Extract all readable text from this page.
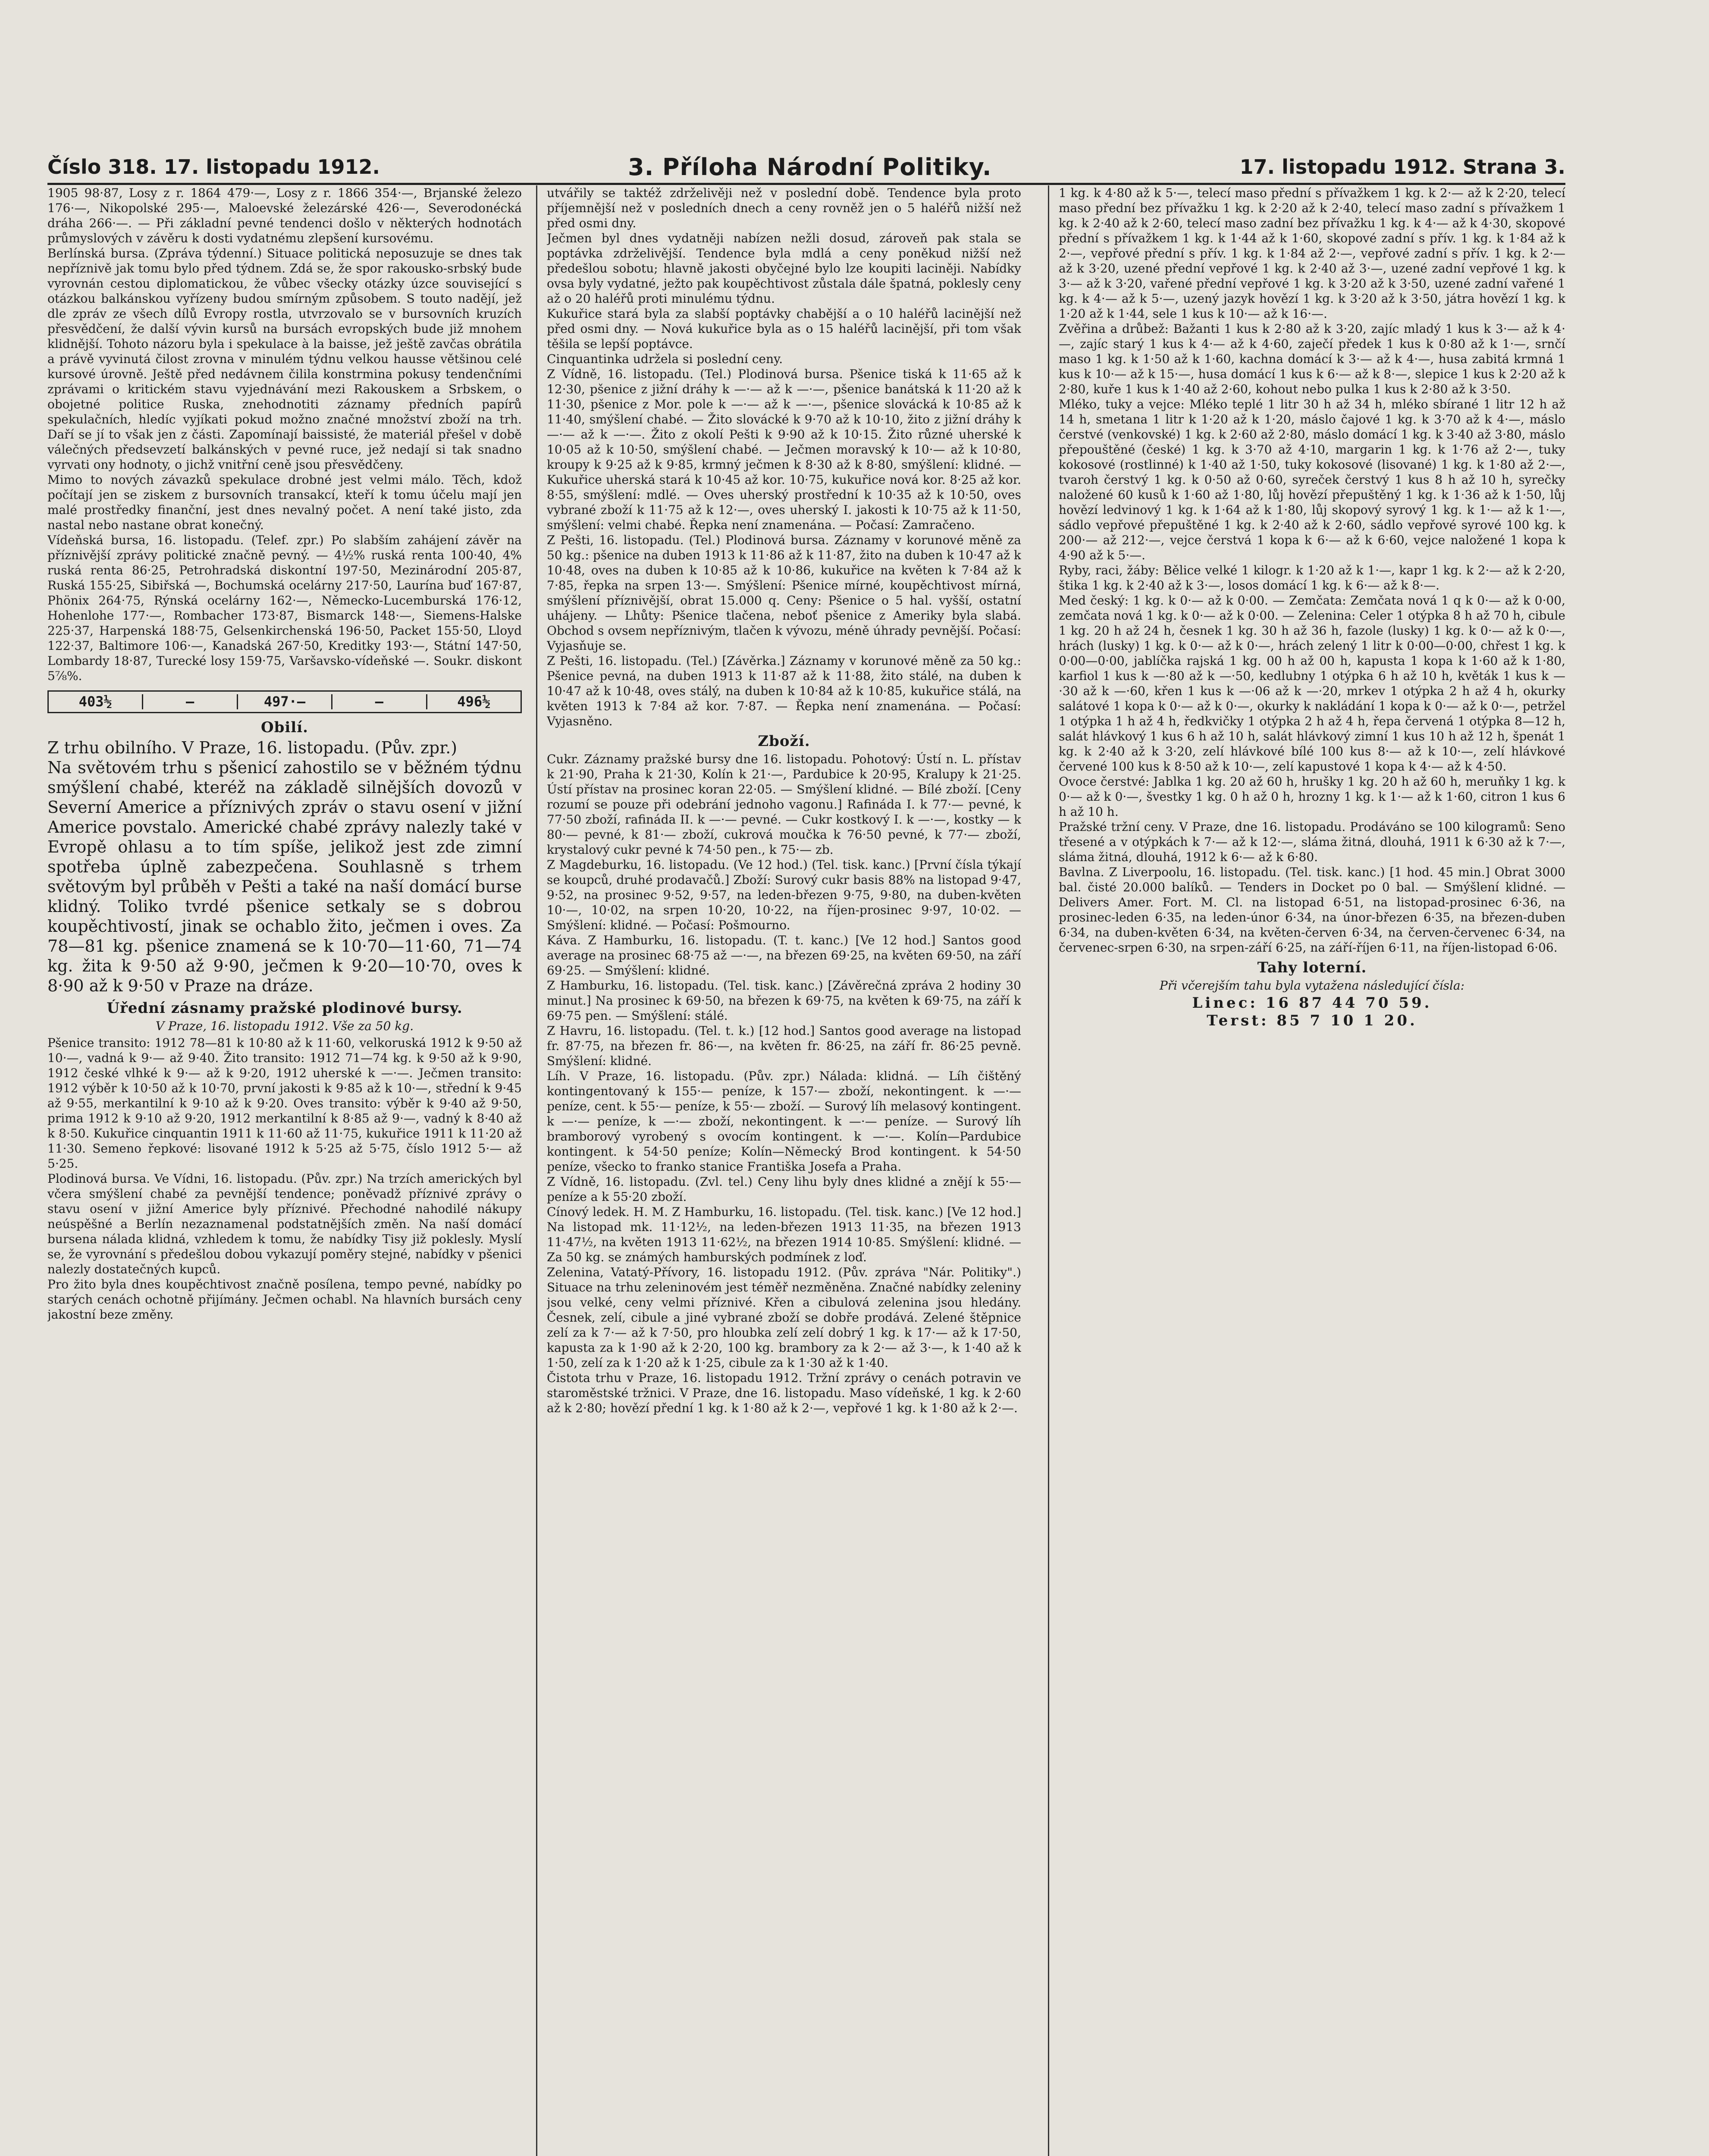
Číslo 318. 17. listopadu 1912.	3. Příloha Národní Politiky.	17. listopadu 1912. Strana 3.

1905 98·87, Losy z r. 1864 479·—, Losy z r. 1866 354·—, Brjanské železo 176·—, Nikopolské 295·—, Maloevské železárské 426·—, Severodonécká dráha 266·—. — Při základní pevné tendenci došlo v některých hodnotách průmyslových v závěru k dosti vydatnému zlepšení kursovému.

Berlínská bursa. (Zpráva týdenní.) Situace politická neposuzuje se dnes tak nepříznivě jak tomu bylo před týdnem. Zdá se, že spor rakousko-srbský bude vyrovnán cestou diplomatickou, že vůbec všecky otázky úzce související s otázkou balkánskou vyřízeny budou smírným způsobem. S touto nadějí, jež dle zpráv ze všech dílů Evropy rostla, utvrzovalo se v bursovních kruzích přesvědčení, že další vývin kursů na bursách evropských bude již mnohem klidnější. Tohoto názoru byla i spekulace à la baisse, jež ještě zavčas obrátila a právě vyvinutá čilost zrovna v minulém týdnu velkou hausse většinou celé kursové úrovně. Ještě před nedávnem čilila konstrmina pokusy tendenčními zprávami o kritickém stavu vyjednávání mezi Rakouskem a Srbskem, o obojetné politice Ruska, znehodnotiti záznamy předních papírů spekulačních, hledíc vyjíkati pokud možno značné množství zboží na trh. Daří se jí to však jen z části. Zapomínají baissisté, že materiál přešel v době válečných předsevzetí balkánských v pevné ruce, jež nedají si tak snadno vyrvati ony hodnoty, o jichž vnitřní ceně jsou přesvědčeny.

Mimo to nových závazků spekulace drobné jest velmi málo. Těch, kdož počítají jen se ziskem z bursovních transakcí, kteří k tomu účelu mají jen malé prostředky finanční, jest dnes nevalný počet. A není také jisto, zda nastal nebo nastane obrat konečný.

Vídeňská bursa, 16. listopadu. (Telef. zpr.) Po slabším zahájení závěr na příznivější zprávy politické značně pevný. — 4½% ruská renta 100·40, 4% ruská renta 86·25, Petrohradská diskontní 197·50, Mezinárodní 205·87, Ruská 155·25, Sibiřská —, Bochumská ocelárny 217·50, Laurína buď 167·87, Phönix 264·75, Rýnská ocelárny 162·—, Německo-Lucemburská 176·12, Hohenlohe 177·—, Rombacher 173·87, Bismarck 148·—, Siemens-Halske 225·37, Harpenská 188·75, Gelsenkirchenská 196·50, Packet 155·50, Lloyd 122·37, Baltimore 106·—, Kanadská 267·50, Kreditky 193·—, Státní 147·50, Lombardy 18·87, Turecké losy 159·75, Varšavsko-vídeňské —. Soukr. diskont 5⅞%.

403½	—	497·—	—	496½
Obilí.

Z trhu obilního. V Praze, 16. listopadu. (Pův. zpr.)

Na světovém trhu s pšenicí zahostilo se v běžném týdnu smýšlení chabé, kteréž na základě silnějších dovozů v Severní Americe a příznivých zpráv o stavu osení v jižní Americe povstalo. Americké chabé zprávy nalezly také v Evropě ohlasu a to tím spíše, jelikož jest zde zimní spotřeba úplně zabezpečena. Souhlasně s trhem světovým byl průběh v Pešti a také na naší domácí burse klidný. Toliko tvrdé pšenice setkaly se s dobrou koupěchtivostí, jinak se ochablo žito, ječmen i oves. Za 78—81 kg. pšenice znamená se k 10·70—11·60, 71—74 kg. žita k 9·50 až 9·90, ječmen k 9·20—10·70, oves k 8·90 až k 9·50 v Praze na dráze.

Úřední zásnamy pražské plodinové bursy.
V Praze, 16. listopadu 1912. Vše za 50 kg.

Pšenice transito: 1912 78—81 k 10·80 až k 11·60, velkoruská 1912 k 9·50 až 10·—, vadná k 9·— až 9·40. Žito transito: 1912 71—74 kg. k 9·50 až k 9·90, 1912 české vlhké k 9·— až k 9·20, 1912 uherské k —·—. Ječmen transito: 1912 výběr k 10·50 až k 10·70, první jakosti k 9·85 až k 10·—, střední k 9·45 až 9·55, merkantilní k 9·10 až k 9·20. Oves transito: výběr k 9·40 až 9·50, prima 1912 k 9·10 až 9·20, 1912 merkantilní k 8·85 až 9·—, vadný k 8·40 až k 8·50. Kukuřice cinquantin 1911 k 11·60 až 11·75, kukuřice 1911 k 11·20 až 11·30. Semeno řepkové: lisované 1912 k 5·25 až 5·75, číslo 1912 5·— až 5·25.

Plodinová bursa. Ve Vídni, 16. listopadu. (Pův. zpr.) Na trzích amerických byl včera smýšlení chabé za pevnější tendence; poněvadž příznivé zprávy o stavu osení v jižní Americe byly příznivé. Přechodné nahodilé nákupy neúspěšné a Berlín nezaznamenal podstatnějších změn. Na naší domácí bursena nálada klidná, vzhledem k tomu, že nabídky Tisy již poklesly. Myslí se, že vyrovnání s předešlou dobou vykazují poměry stejné, nabídky v pšenici nalezly dostatečných kupců.

Pro žito byla dnes koupěchtivost značně posílena, tempo pevné, nabídky po starých cenách ochotně přijímány. Ječmen ochabl. Na hlavních bursách ceny jakostní beze změny.

utvářily se taktéž zdrželivěji než v poslední době. Tendence byla proto příjemnější než v posledních dnech a ceny rovněž jen o 5 haléřů nižší než před osmi dny.

Ječmen byl dnes vydatněji nabízen nežli dosud, zároveň pak stala se poptávka zdrželivější. Tendence byla mdlá a ceny poněkud nižší než předešlou sobotu; hlavně jakosti obyčejné bylo lze koupiti laciněji. Nabídky ovsa byly vydatné, ježto pak koupěchtivost zůstala dále špatná, poklesly ceny až o 20 haléřů proti minulému týdnu.

Kukuřice stará byla za slabší poptávky chabější a o 10 haléřů lacinější než před osmi dny. — Nová kukuřice byla as o 15 haléřů lacinější, při tom však těšila se lepší poptávce.

Cinquantinka udržela si poslední ceny.

Z Vídně, 16. listopadu. (Tel.) Plodinová bursa. Pšenice tiská k 11·65 až k 12·30, pšenice z jižní dráhy k —·— až k —·—, pšenice banátská k 11·20 až k 11·30, pšenice z Mor. pole k —·— až k —·—, pšenice slovácká k 10·85 až k 11·40, smýšlení chabé. — Žito slovácké k 9·70 až k 10·10, žito z jižní dráhy k —·— až k —·—. Žito z okolí Pešti k 9·90 až k 10·15. Žito různé uherské k 10·05 až k 10·50, smýšlení chabé. — Ječmen moravský k 10·— až k 10·80, kroupy k 9·25 až k 9·85, krmný ječmen k 8·30 až k 8·80, smýšlení: klidné. — Kukuřice uherská stará k 10·45 až kor. 10·75, kukuřice nová kor. 8·25 až kor. 8·55, smýšlení: mdlé. — Oves uherský prostřední k 10·35 až k 10·50, oves vybrané zboží k 11·75 až k 12·—, oves uherský I. jakosti k 10·75 až k 11·50, smýšlení: velmi chabé. Řepka není znamenána. — Počasí: Zamračeno.

Z Pešti, 16. listopadu. (Tel.) Plodinová bursa. Záznamy v korunové měně za 50 kg.: pšenice na duben 1913 k 11·86 až k 11·87, žito na duben k 10·47 až k 10·48, oves na duben k 10·85 až k 10·86, kukuřice na květen k 7·84 až k 7·85, řepka na srpen 13·—. Smýšlení: Pšenice mírné, koupěchtivost mírná, smýšlení příznivější, obrat 15.000 q. Ceny: Pšenice o 5 hal. vyšší, ostatní uhájeny. — Lhůty: Pšenice tlačena, neboť pšenice z Ameriky byla slabá. Obchod s ovsem nepříznivým, tlačen k vývozu, méně úhrady pevnější. Počasí: Vyjasňuje se.

Z Pešti, 16. listopadu. (Tel.) [Závěrka.] Záznamy v korunové měně za 50 kg.: Pšenice pevná, na duben 1913 k 11·87 až k 11·88, žito stálé, na duben k 10·47 až k 10·48, oves stálý, na duben k 10·84 až k 10·85, kukuřice stálá, na květen 1913 k 7·84 až kor. 7·87. — Řepka není znamenána. — Počasí: Vyjasněno.

Zboží.

Cukr. Záznamy pražské bursy dne 16. listopadu. Pohotový: Ústí n. L. přístav k 21·90, Praha k 21·30, Kolín k 21·—, Pardubice k 20·95, Kralupy k 21·25. Ústí přístav na prosinec koran 22·05. — Smýšlení klidné. — Bílé zboží. [Ceny rozumí se pouze při odebrání jednoho vagonu.] Rafináda I. k 77·— pevné, k 77·50 zboží, rafináda II. k —·— pevné. — Cukr kostkový I. k —·—, kostky — k 80·— pevné, k 81·— zboží, cukrová moučka k 76·50 pevné, k 77·— zboží, krystalový cukr pevné k 74·50 pen., k 75·— zb.

Z Magdeburku, 16. listopadu. (Ve 12 hod.) (Tel. tisk. kanc.) [První čísla týkají se koupců, druhé prodavačů.] Zboží: Surový cukr basis 88% na listopad 9·47, 9·52, na prosinec 9·52, 9·57, na leden-březen 9·75, 9·80, na duben-květen 10·—, 10·02, na srpen 10·20, 10·22, na říjen-prosinec 9·97, 10·02. — Smýšlení: klidné. — Počasí: Pošmourno.

Káva. Z Hamburku, 16. listopadu. (T. t. kanc.) [Ve 12 hod.] Santos good average na prosinec 68·75 až —·—, na březen 69·25, na květen 69·50, na září 69·25. — Smýšlení: klidné.

Z Hamburku, 16. listopadu. (Tel. tisk. kanc.) [Závěrečná zpráva 2 hodiny 30 minut.] Na prosinec k 69·50, na březen k 69·75, na květen k 69·75, na září k 69·75 pen. — Smýšlení: stálé.

Z Havru, 16. listopadu. (Tel. t. k.) [12 hod.] Santos good average na listopad fr. 87·75, na březen fr. 86·—, na květen fr. 86·25, na září fr. 86·25 pevně. Smýšlení: klidné.

Líh. V Praze, 16. listopadu. (Pův. zpr.) Nálada: klidná. — Líh čištěný kontingentovaný k 155·— peníze, k 157·— zboží, nekontingent. k —·— peníze, cent. k 55·— peníze, k 55·— zboží. — Surový líh melasový kontingent. k —·— peníze, k —·— zboží, nekontingent. k —·— peníze. — Surový líh bramborový vyrobený s ovocím kontingent. k —·—. Kolín—Pardubice kontingent. k 54·50 peníze; Kolín—Německý Brod kontingent. k 54·50 peníze, všecko to franko stanice Františka Josefa a Praha.

Z Vídně, 16. listopadu. (Zvl. tel.) Ceny lihu byly dnes klidné a znějí k 55·— peníze a k 55·20 zboží.

Cínový ledek. H. M. Z Hamburku, 16. listopadu. (Tel. tisk. kanc.) [Ve 12 hod.] Na listopad mk. 11·12½, na leden-březen 1913 11·35, na březen 1913 11·47½, na květen 1913 11·62½, na březen 1914 10·85. Smýšlení: klidné. — Za 50 kg. se známých hamburských podmínek z loď.

Zelenina, Vatatý-Přívory, 16. listopadu 1912. (Pův. zpráva "Nár. Politiky".) Situace na trhu zeleninovém jest téměř nezměněna. Značné nabídky zeleniny jsou velké, ceny velmi příznivé. Křen a cibulová zelenina jsou hledány. Česnek, zelí, cibule a jiné vybrané zboží se dobře prodává. Zelené štěpnice zelí za k 7·— až k 7·50, pro hloubka zelí zelí dobrý 1 kg. k 17·— až k 17·50, kapusta za k 1·90 až k 2·20, 100 kg. brambory za k 2·— až 3·—, k 1·40 až k 1·50, zelí za k 1·20 až k 1·25, cibule za k 1·30 až k 1·40.

Čistota trhu v Praze, 16. listopadu 1912. Tržní zprávy o cenách potravin ve staroměstské tržnici. V Praze, dne 16. listopadu. Maso vídeňské, 1 kg. k 2·60 až k 2·80; hovězí přední 1 kg. k 1·80 až k 2·—, vepřové 1 kg. k 1·80 až k 2·—.

1 kg. k 4·80 až k 5·—, telecí maso přední s přívažkem 1 kg. k 2·— až k 2·20, telecí maso přední bez přívažku 1 kg. k 2·20 až k 2·40, telecí maso zadní s přívažkem 1 kg. k 2·40 až k 2·60, telecí maso zadní bez přívažku 1 kg. k 4·— až k 4·30, skopové přední s přívažkem 1 kg. k 1·44 až k 1·60, skopové zadní s přív. 1 kg. k 1·84 až k 2·—, vepřové přední s přív. 1 kg. k 1·84 až 2·—, vepřové zadní s přív. 1 kg. k 2·— až k 3·20, uzené přední vepřové 1 kg. k 2·40 až 3·—, uzené zadní vepřové 1 kg. k 3·— až k 3·20, vařené přední vepřové 1 kg. k 3·20 až k 3·50, uzené zadní vařené 1 kg. k 4·— až k 5·—, uzený jazyk hovězí 1 kg. k 3·20 až k 3·50, játra hovězí 1 kg. k 1·20 až k 1·44, sele 1 kus k 10·— až k 16·—.

Zvěřina a drůbež: Bažanti 1 kus k 2·80 až k 3·20, zajíc mladý 1 kus k 3·— až k 4·—, zajíc starý 1 kus k 4·— až k 4·60, zaječí předek 1 kus k 0·80 až k 1·—, srnčí maso 1 kg. k 1·50 až k 1·60, kachna domácí k 3·— až k 4·—, husa zabitá krmná 1 kus k 10·— až k 15·—, husa domácí 1 kus k 6·— až k 8·—, slepice 1 kus k 2·20 až k 2·80, kuře 1 kus k 1·40 až 2·60, kohout nebo pulka 1 kus k 2·80 až k 3·50.

Mléko, tuky a vejce: Mléko teplé 1 litr 30 h až 34 h, mléko sbírané 1 litr 12 h až 14 h, smetana 1 litr k 1·20 až k 1·20, máslo čajové 1 kg. k 3·70 až k 4·—, máslo čerstvé (venkovské) 1 kg. k 2·60 až 2·80, máslo domácí 1 kg. k 3·40 až 3·80, máslo přepouštěné (české) 1 kg. k 3·70 až 4·10, margarin 1 kg. k 1·76 až 2·—, tuky kokosové (rostlinné) k 1·40 až 1·50, tuky kokosové (lisované) 1 kg. k 1·80 až 2·—, tvaroh čerstvý 1 kg. k 0·50 až 0·60, syreček čerstvý 1 kus 8 h až 10 h, syrečky naložené 60 kusů k 1·60 až 1·80, lůj hovězí přepuštěný 1 kg. k 1·36 až k 1·50, lůj hovězí ledvinový 1 kg. k 1·64 až k 1·80, lůj skopový syrový 1 kg. k 1·— až k 1·—, sádlo vepřové přepuštěné 1 kg. k 2·40 až k 2·60, sádlo vepřové syrové 100 kg. k 200·— až 212·—, vejce čerstvá 1 kopa k 6·— až k 6·60, vejce naložené 1 kopa k 4·90 až k 5·—.

Ryby, raci, žáby: Bělice velké 1 kilogr. k 1·20 až k 1·—, kapr 1 kg. k 2·— až k 2·20, štika 1 kg. k 2·40 až k 3·—, losos domácí 1 kg. k 6·— až k 8·—.

Med český: 1 kg. k 0·— až k 0·00. — Zemčata: Zemčata nová 1 q k 0·— až k 0·00, zemčata nová 1 kg. k 0·— až k 0·00. — Zelenina: Celer 1 otýpka 8 h až 70 h, cibule 1 kg. 20 h až 24 h, česnek 1 kg. 30 h až 36 h, fazole (lusky) 1 kg. k 0·— až k 0·—, hrách (lusky) 1 kg. k 0·— až k 0·—, hrách zelený 1 litr k 0·00—0·00, chřest 1 kg. k 0·00—0·00, jablíčka rajská 1 kg. 00 h až 00 h, kapusta 1 kopa k 1·60 až k 1·80, karfiol 1 kus k —·80 až k —·50, kedlubny 1 otýpka 6 h až 10 h, květák 1 kus k —·30 až k —·60, křen 1 kus k —·06 až k —·20, mrkev 1 otýpka 2 h až 4 h, okurky salátové 1 kopa k 0·— až k 0·—, okurky k nakládání 1 kopa k 0·— až k 0·—, petržel 1 otýpka 1 h až 4 h, ředkvičky 1 otýpka 2 h až 4 h, řepa červená 1 otýpka 8—12 h, salát hlávkový 1 kus 6 h až 10 h, salát hlávkový zimní 1 kus 10 h až 12 h, špenát 1 kg. k 2·40 až k 3·20, zelí hlávkové bílé 100 kus 8·— až k 10·—, zelí hlávkové červené 100 kus k 8·50 až k 10·—, zelí kapustové 1 kopa k 4·— až k 4·50.

Ovoce čerstvé: Jablka 1 kg. 20 až 60 h, hrušky 1 kg. 20 h až 60 h, meruňky 1 kg. k 0·— až k 0·—, švestky 1 kg. 0 h až 0 h, hrozny 1 kg. k 1·— až k 1·60, citron 1 kus 6 h až 10 h.

Pražské tržní ceny. V Praze, dne 16. listopadu. Prodáváno se 100 kilogramů: Seno třesené a v otýpkách k 7·— až k 12·—, sláma žitná, dlouhá, 1911 k 6·30 až k 7·—, sláma žitná, dlouhá, 1912 k 6·— až k 6·80.

Bavlna. Z Liverpoolu, 16. listopadu. (Tel. tisk. kanc.) [1 hod. 45 min.] Obrat 3000 bal. čisté 20.000 balíků. — Tenders in Docket po 0 bal. — Smýšlení klidné. — Delivers Amer. Fort. M. Cl. na listopad 6·51, na listopad-prosinec 6·36, na prosinec-leden 6·35, na leden-únor 6·34, na únor-březen 6·35, na březen-duben 6·34, na duben-květen 6·34, na květen-červen 6·34, na červen-červenec 6·34, na červenec-srpen 6·30, na srpen-září 6·25, na září-říjen 6·11, na říjen-listopad 6·06.

Tahy loterní.

Při včerejším tahu byla vytažena následující čísla:

Linec: 16 87 44 70 59.
Terst: 85 7 10 1 20.
